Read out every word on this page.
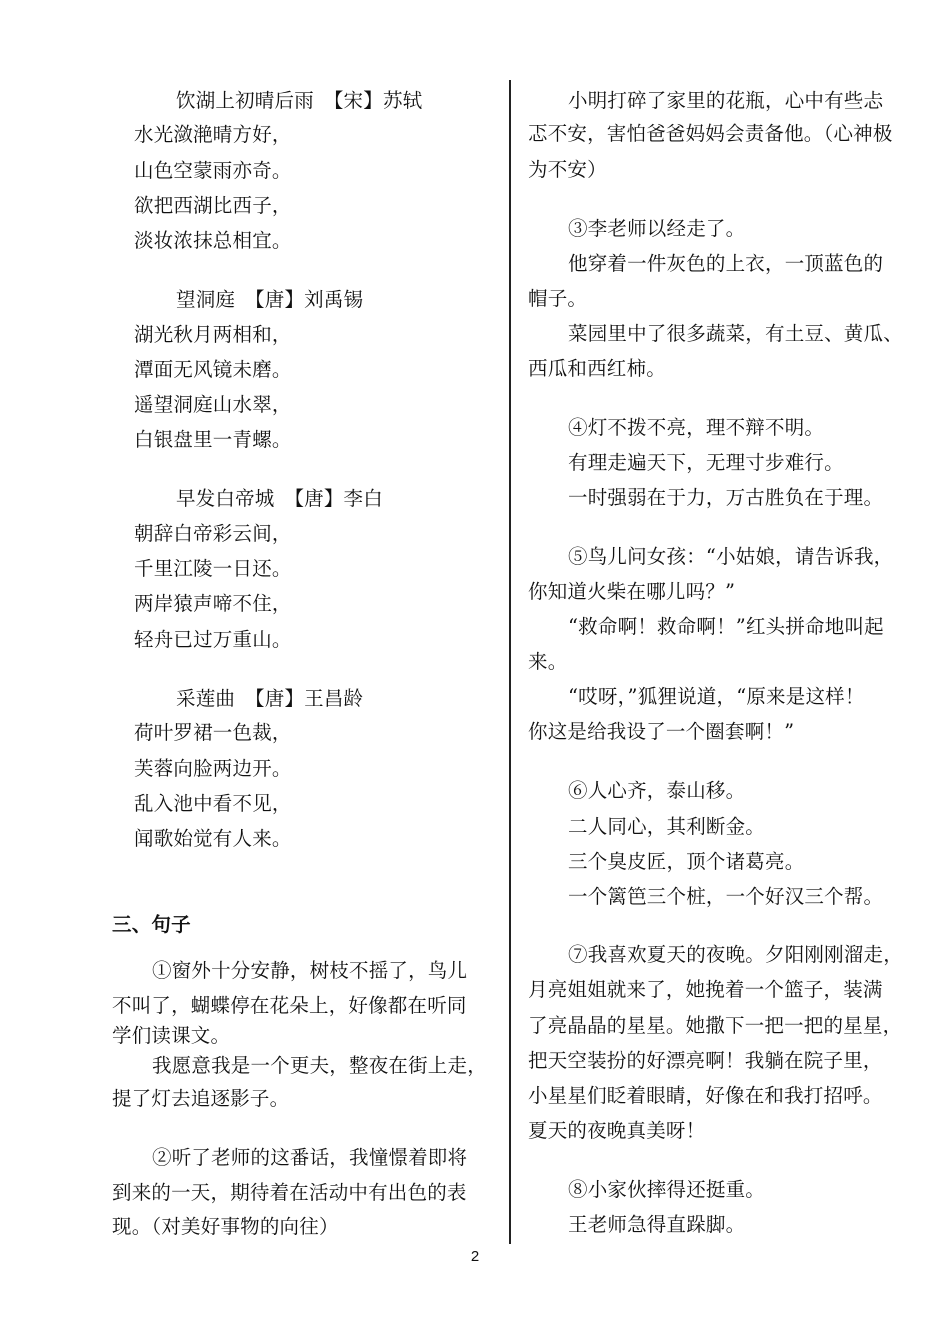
饮湖上初晴后雨　【宋】苏轼
水光潋滟晴方好，
山色空蒙雨亦奇。
欲把西湖比西子，
淡妆浓抹总相宜。
望洞庭　【唐】刘禹锡
湖光秋月两相和，
潭面无风镜未磨。
遥望洞庭山水翠，
白银盘里一青螺。
早发白帝城　【唐】李白
朝辞白帝彩云间，
千里江陵一日还。
两岸猿声啼不住，
轻舟已过万重山。
采莲曲　【唐】王昌龄
荷叶罗裙一色裁，
芙蓉向脸两边开。
乱入池中看不见，
闻歌始觉有人来。
三、句子
①窗外十分安静，树枝不摇了，鸟儿
不叫了，蝴蝶停在花朵上，好像都在听同
学们读课文。
我愿意我是一个更夫，整夜在街上走，
提了灯去追逐影子。
②听了老师的这番话，我憧憬着即将
到来的一天，期待着在活动中有出色的表
现。（对美好事物的向往）
小明打碎了家里的花瓶，心中有些忐
忑不安，害怕爸爸妈妈会责备他。（心神极
为不安）
③李老师以经走了。
他穿着一件灰色的上衣，一顶蓝色的
帽子。
菜园里中了很多蔬菜，有土豆、黄瓜、
西瓜和西红柿。
④灯不拨不亮，理不辩不明。
有理走遍天下，无理寸步难行。
一时强弱在于力，万古胜负在于理。
⑤鸟儿问女孩：“小姑娘，请告诉我，
你知道火柴在哪儿吗？”
“救命啊！救命啊！”红头拼命地叫起
来。
“哎呀，”狐狸说道，“原来是这样！
你这是给我设了一个圈套啊！”
⑥人心齐，泰山移。
二人同心，其利断金。
三个臭皮匠，顶个诸葛亮。
一个篱笆三个桩，一个好汉三个帮。
⑦我喜欢夏天的夜晚。夕阳刚刚溜走，
月亮姐姐就来了，她挽着一个篮子，装满
了亮晶晶的星星。她撒下一把一把的星星，
把天空装扮的好漂亮啊！我躺在院子里，
小星星们眨着眼睛，好像在和我打招呼。
夏天的夜晚真美呀！
⑧小家伙摔得还挺重。
王老师急得直跺脚。
2
